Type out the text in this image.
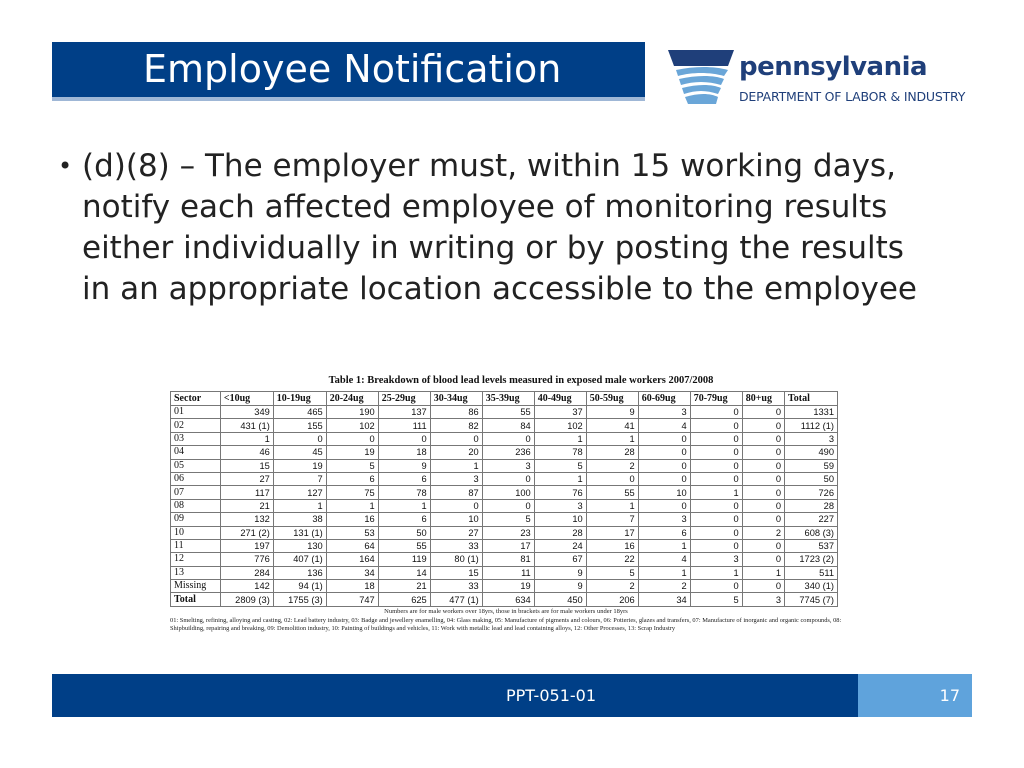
Employee Notification	pennsylvania
DEPARTMENT OF LABOR & INDUSTRY
• (d)(8) – The employer must, within 15 working days, notify each affected employee of monitoring results either individually in writing or by posting the results in an appropriate location accessible to the employee
Table 1: Breakdown of blood lead levels measured in exposed male workers 2007/2008
Sector	<10ug	10-19ug	20-24ug	25-29ug	30-34ug	35-39ug	40-49ug	50-59ug	60-69ug	70-79ug	80+ug	Total
01	349	465	190	137	86	55	37	9	3	0	0	1331
02	431 (1)	155	102	111	82	84	102	41	4	0	0	1112 (1)
03	1	0	0	0	0	0	1	1	0	0	0	3
04	46	45	19	18	20	236	78	28	0	0	0	490
05	15	19	5	9	1	3	5	2	0	0	0	59
06	27	7	6	6	3	0	1	0	0	0	0	50
07	117	127	75	78	87	100	76	55	10	1	0	726
08	21	1	1	1	0	0	3	1	0	0	0	28
09	132	38	16	6	10	5	10	7	3	0	0	227
10	271 (2)	131 (1)	53	50	27	23	28	17	6	0	2	608 (3)
11	197	130	64	55	33	17	24	16	1	0	0	537
12	776	407 (1)	164	119	80 (1)	81	67	22	4	3	0	1723 (2)
13	284	136	34	14	15	11	9	5	1	1	1	511
Missing	142	94 (1)	18	21	33	19	9	2	2	0	0	340 (1)
Total	2809 (3)	1755 (3)	747	625	477 (1)	634	450	206	34	5	3	7745 (7)
Numbers are for male workers over 18yrs, those in brackets are for male workers under 18yrs
01: Smelting, refining, alloying and casting, 02: Lead battery industry, 03: Badge and jewellery enamelling, 04: Glass making, 05: Manufacture of pigments and colours, 06: Potteries, glazes and transfers, 07: Manufacture of inorganic and organic compounds, 08: Shipbuilding, repairing and breaking, 09: Demolition industry, 10: Painting of buildings and vehicles, 11: Work with metallic lead and lead containing alloys, 12: Other Processes, 13: Scrap Industry
PPT-051-01	17
